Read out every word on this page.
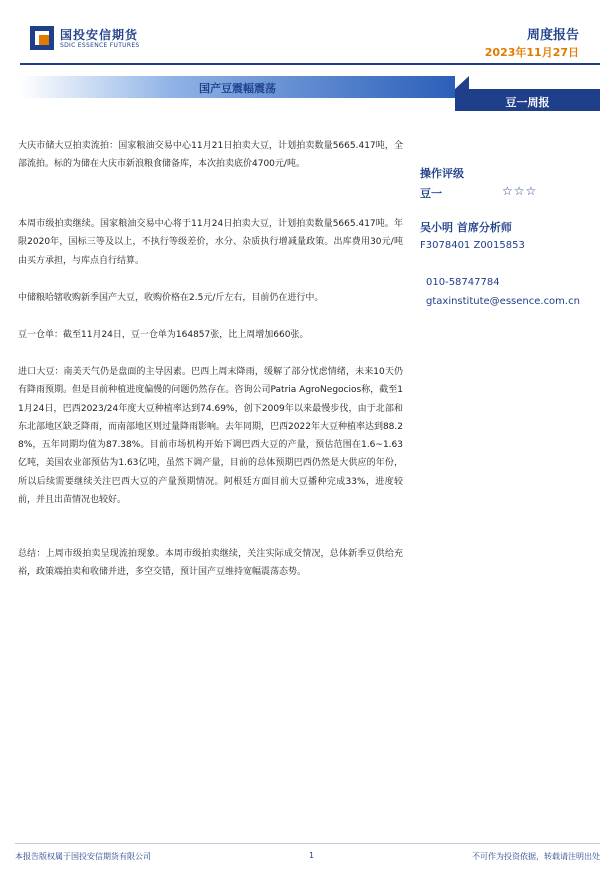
国投安信期货
SDIC ESSENCE FUTURES
周度报告
2023年11月27日
国产豆震幅震荡
豆一周报

大庆市储大豆拍卖流拍：国家粮油交易中心11月21日拍卖大豆，计划拍卖数量5665.417吨，全部流拍。标的为储在大庆市新浪粮食储备库，本次拍卖底价4700元/吨。

本周市级拍卖继续。国家粮油交易中心将于11月24日拍卖大豆，计划拍卖数量5665.417吨。年限2020年，国标三等及以上，不执行等级差价，水分、杂质执行增减量政策。出库费用30元/吨由买方承担，与库点自行结算。

中储粮哈辖收购新季国产大豆，收购价格在2.5元/斤左右，目前仍在进行中。

豆一仓单：截至11月24日，豆一仓单为164857张，比上周增加660张。

进口大豆：南美天气仍是盘面的主导因素。巴西上周末降雨，缓解了部分忧虑情绪，未来10天仍有降雨预期。但是目前种植进度偏慢的问题仍然存在。咨询公司Patria AgroNegocios称，截至11月24日，巴西2023/24年度大豆种植率达到74.69%，创下2009年以来最慢步伐，由于北部和东北部地区缺乏降雨，而南部地区则过量降雨影响。去年同期，巴西2022年大豆种植率达到88.28%，五年同期均值为87.38%。目前市场机构开始下调巴西大豆的产量，预估范围在1.6~1.63亿吨，美国农业部预估为1.63亿吨，虽然下调产量，目前的总体预期巴西仍然是大供应的年份，所以后续需要继续关注巴西大豆的产量预期情况。阿根廷方面目前大豆播种完成33%，进度较前，并且出苗情况也较好。

总结：上周市级拍卖呈现流拍现象。本周市级拍卖继续，关注实际成交情况，总体新季豆供给充裕，政策端拍卖和收储并进，多空交错，预计国产豆维持宽幅震荡态势。

操作评级
豆一	☆☆☆
吴小明 首席分析师
F3078401 Z0015853
010-58747784
gtaxinstitute@essence.com.cn
本报告版权属于国投安信期货有限公司	1	不可作为投资依据，转载请注明出处
